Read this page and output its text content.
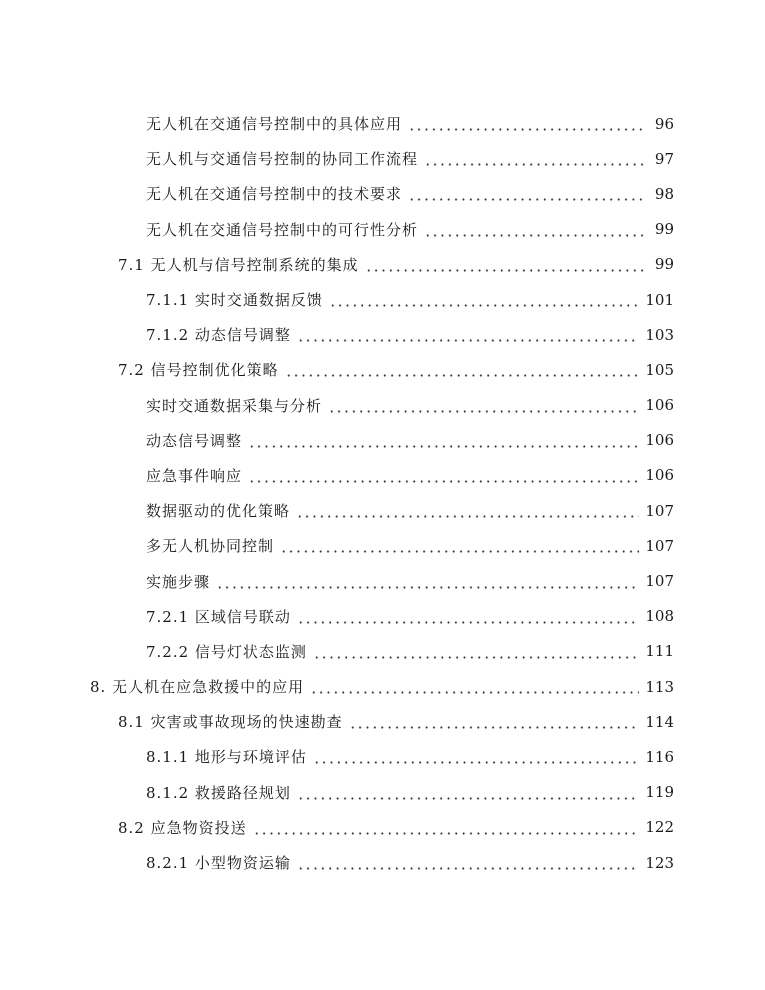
无人机在交通信号控制中的具体应用	96
无人机与交通信号控制的协同工作流程	97
无人机在交通信号控制中的技术要求	98
无人机在交通信号控制中的可行性分析	99
7.1 无人机与信号控制系统的集成	99
7.1.1 实时交通数据反馈	101
7.1.2 动态信号调整	103
7.2 信号控制优化策略	105
实时交通数据采集与分析	106
动态信号调整	106
应急事件响应	106
数据驱动的优化策略	107
多无人机协同控制	107
实施步骤	107
7.2.1 区域信号联动	108
7.2.2 信号灯状态监测	111
8. 无人机在应急救援中的应用	113
8.1 灾害或事故现场的快速勘查	114
8.1.1 地形与环境评估	116
8.1.2 救援路径规划	119
8.2 应急物资投送	122
8.2.1 小型物资运输	123
